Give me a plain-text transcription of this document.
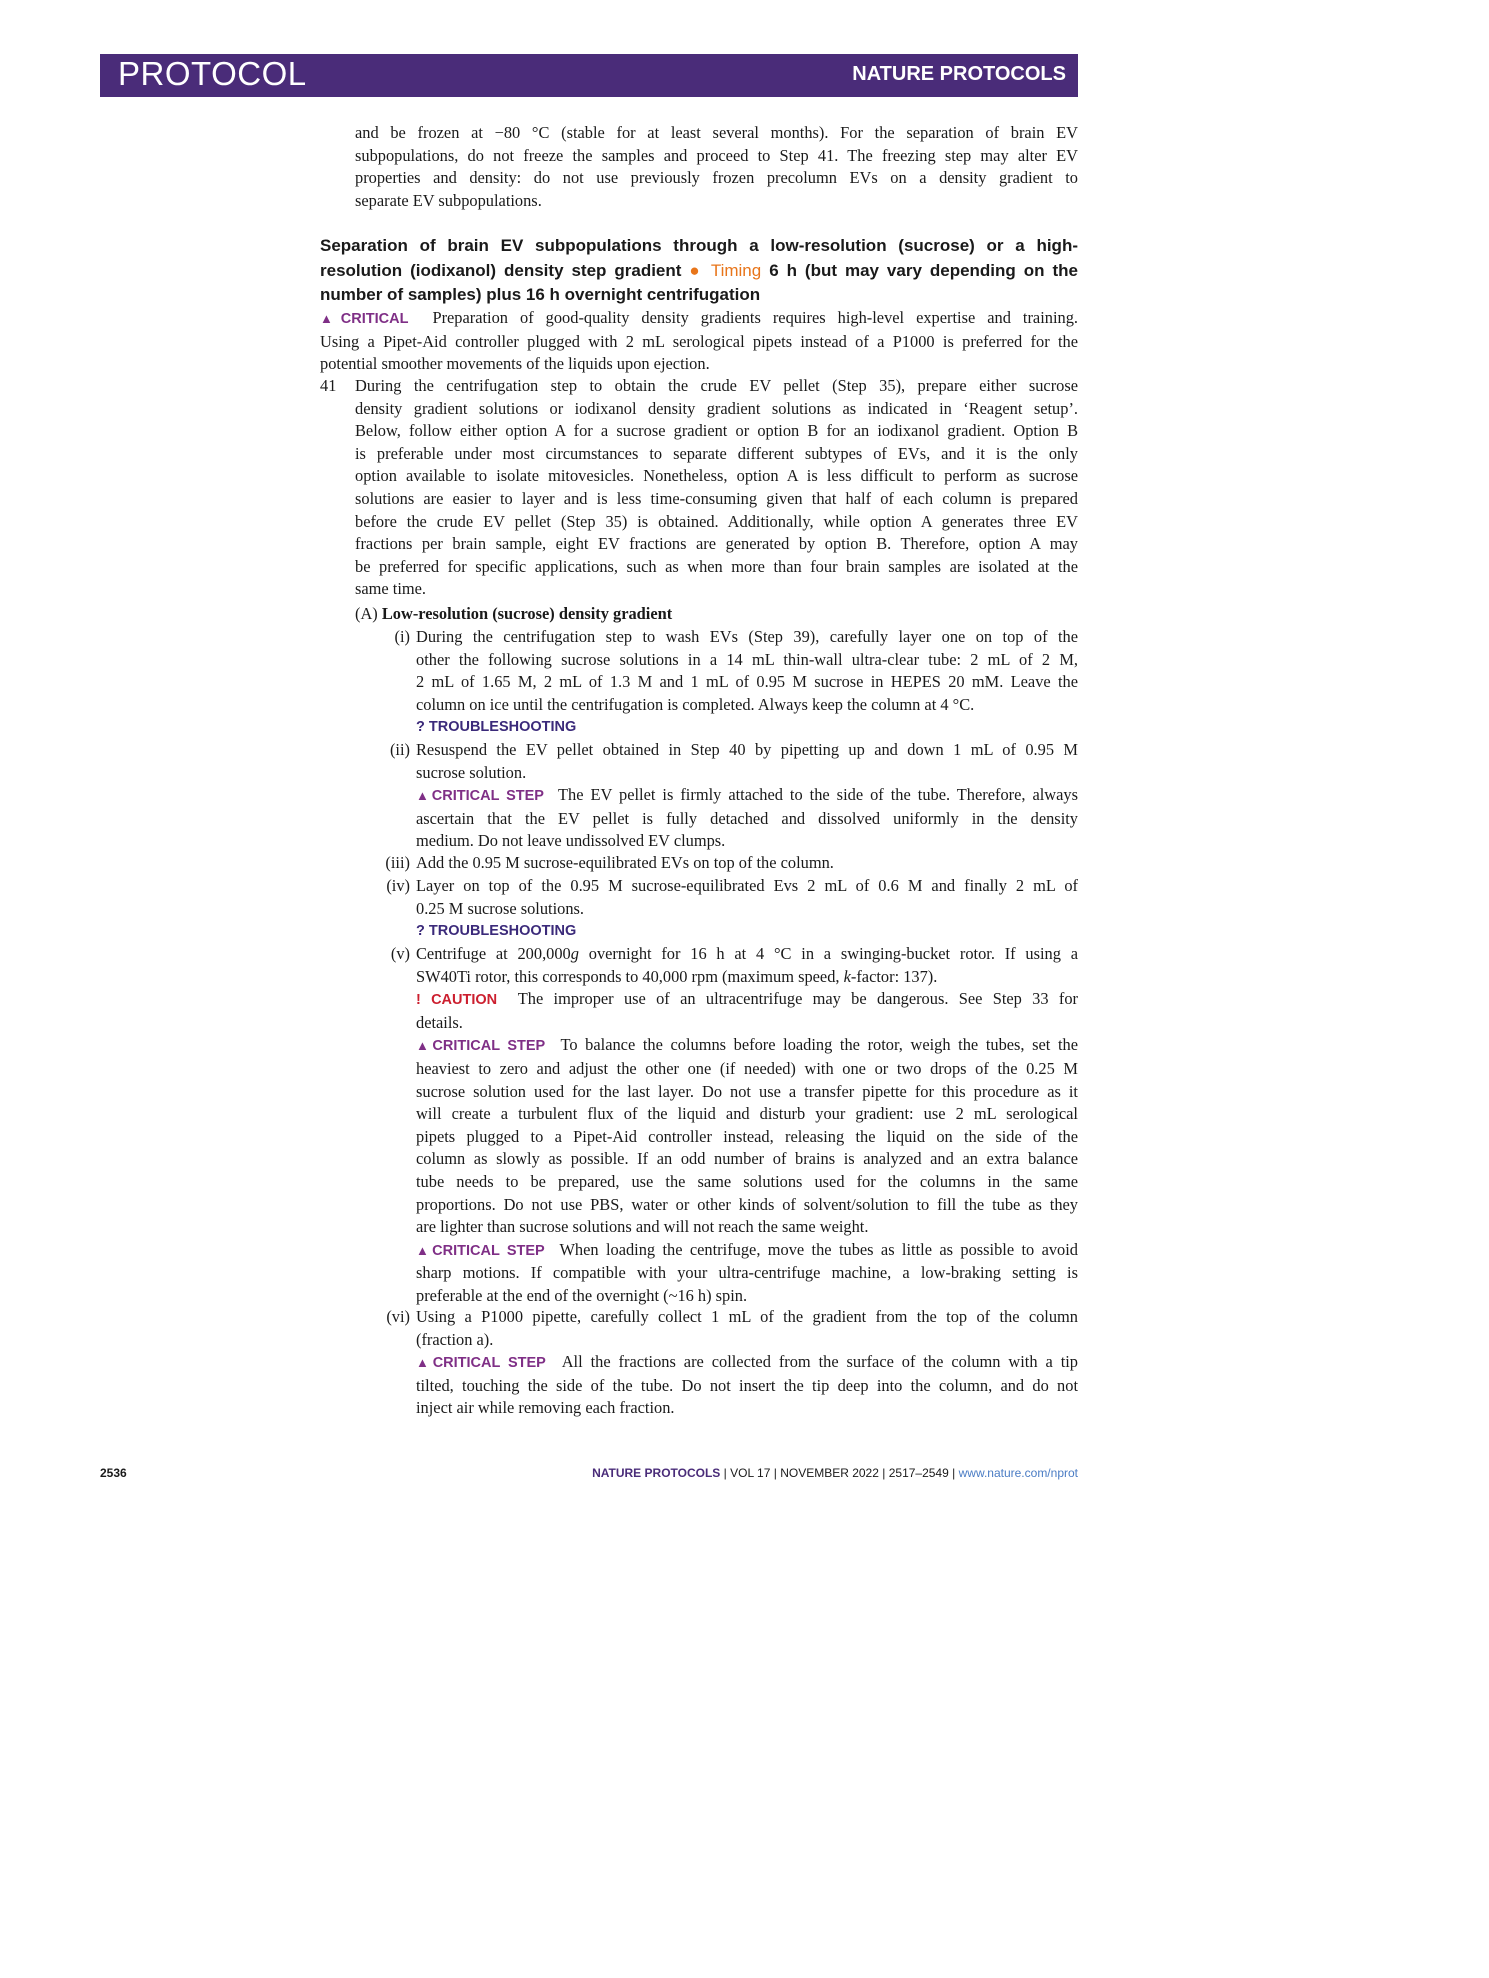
PROTOCOL	NATURE PROTOCOLS
and be frozen at −80 °C (stable for at least several months). For the separation of brain EV
subpopulations, do not freeze the samples and proceed to Step 41. The freezing step may alter EV
properties and density: do not use previously frozen precolumn EVs on a density gradient to
separate EV subpopulations.
Separation of brain EV subpopulations through a low-resolution (sucrose) or a high-
resolution (iodixanol) density step gradient ● Timing 6 h (but may vary depending on the
number of samples) plus 16 h overnight centrifugation
▲CRITICAL Preparation of good-quality density gradients requires high-level expertise and training.
Using a Pipet-Aid controller plugged with 2 mL serological pipets instead of a P1000 is preferred for the
potential smoother movements of the liquids upon ejection.
41	During the centrifugation step to obtain the crude EV pellet (Step 35), prepare either sucrose
density gradient solutions or iodixanol density gradient solutions as indicated in ‘Reagent setup’.
Below, follow either option A for a sucrose gradient or option B for an iodixanol gradient. Option B
is preferable under most circumstances to separate different subtypes of EVs, and it is the only
option available to isolate mitovesicles. Nonetheless, option A is less difficult to perform as sucrose
solutions are easier to layer and is less time-consuming given that half of each column is prepared
before the crude EV pellet (Step 35) is obtained. Additionally, while option A generates three EV
fractions per brain sample, eight EV fractions are generated by option B. Therefore, option A may
be preferred for specific applications, such as when more than four brain samples are isolated at the
same time.
(A) Low-resolution (sucrose) density gradient
(i) During the centrifugation step to wash EVs (Step 39), carefully layer one on top of the
other the following sucrose solutions in a 14 mL thin-wall ultra-clear tube: 2 mL of 2 M,
2 mL of 1.65 M, 2 mL of 1.3 M and 1 mL of 0.95 M sucrose in HEPES 20 mM. Leave the
column on ice until the centrifugation is completed. Always keep the column at 4 °C.
? TROUBLESHOOTING
(ii) Resuspend the EV pellet obtained in Step 40 by pipetting up and down 1 mL of 0.95 M
sucrose solution.
▲CRITICAL STEP The EV pellet is firmly attached to the side of the tube. Therefore, always
ascertain that the EV pellet is fully detached and dissolved uniformly in the density
medium. Do not leave undissolved EV clumps.
(iii) Add the 0.95 M sucrose-equilibrated EVs on top of the column.
(iv) Layer on top of the 0.95 M sucrose-equilibrated Evs 2 mL of 0.6 M and finally 2 mL of
0.25 M sucrose solutions.
? TROUBLESHOOTING
(v) Centrifuge at 200,000g overnight for 16 h at 4 °C in a swinging-bucket rotor. If using a
SW40Ti rotor, this corresponds to 40,000 rpm (maximum speed, k-factor: 137).
! CAUTION The improper use of an ultracentrifuge may be dangerous. See Step 33 for
details.
▲CRITICAL STEP To balance the columns before loading the rotor, weigh the tubes, set the
heaviest to zero and adjust the other one (if needed) with one or two drops of the 0.25 M
sucrose solution used for the last layer. Do not use a transfer pipette for this procedure as it
will create a turbulent flux of the liquid and disturb your gradient: use 2 mL serological
pipets plugged to a Pipet-Aid controller instead, releasing the liquid on the side of the
column as slowly as possible. If an odd number of brains is analyzed and an extra balance
tube needs to be prepared, use the same solutions used for the columns in the same
proportions. Do not use PBS, water or other kinds of solvent/solution to fill the tube as they
are lighter than sucrose solutions and will not reach the same weight.
▲CRITICAL STEP When loading the centrifuge, move the tubes as little as possible to avoid
sharp motions. If compatible with your ultra-centrifuge machine, a low-braking setting is
preferable at the end of the overnight (~16 h) spin.
(vi) Using a P1000 pipette, carefully collect 1 mL of the gradient from the top of the column
(fraction a).
▲CRITICAL STEP All the fractions are collected from the surface of the column with a tip
tilted, touching the side of the tube. Do not insert the tip deep into the column, and do not
inject air while removing each fraction.
2536	NATURE PROTOCOLS | VOL 17 | NOVEMBER 2022 | 2517–2549 | www.nature.com/nprot
